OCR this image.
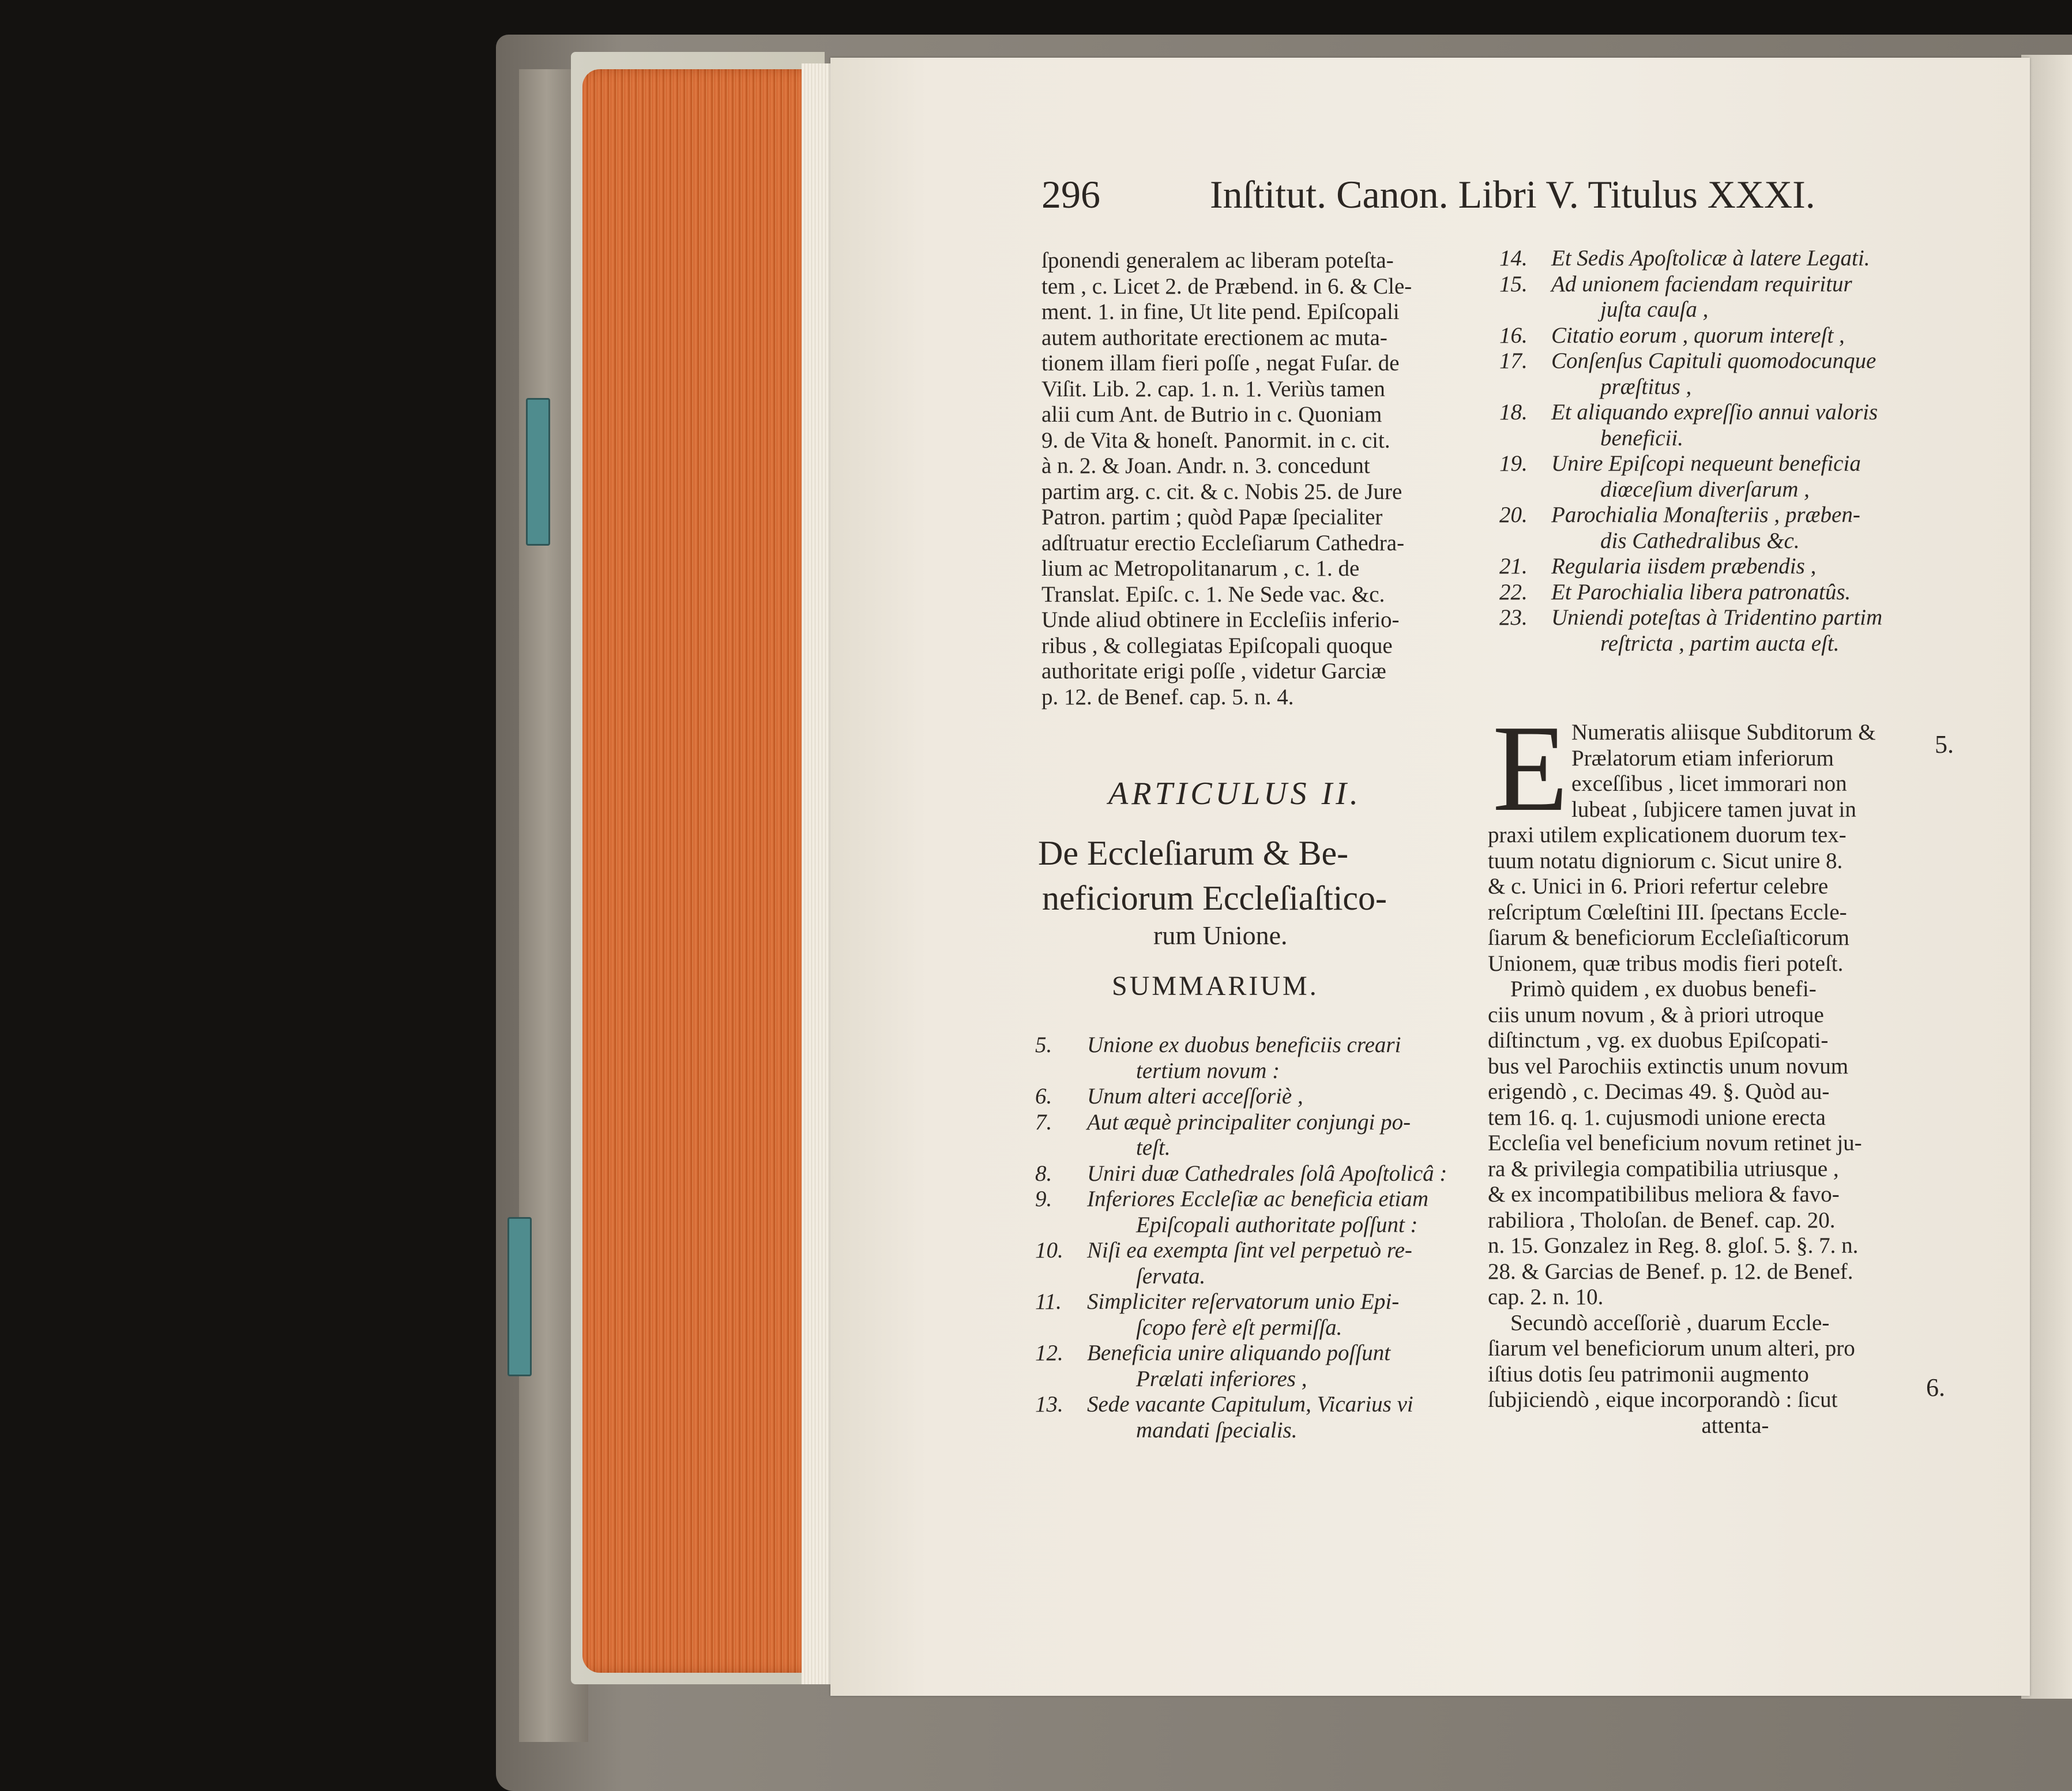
296	Inſtitut. Canon. Libri V. Titulus XXXI.
ſponendi generalem ac liberam poteſta-
tem , c. Licet 2. de Præbend. in 6. & Cle-
ment. 1. in fine, Ut lite pend. Epiſcopali
autem authoritate erectionem ac muta-
tionem illam fieri poſſe , negat Fuſar. de
Viſit. Lib. 2. cap. 1. n. 1. Veriùs tamen
alii cum Ant. de Butrio in c. Quoniam
9. de Vita & honeſt. Panormit. in c. cit.
à n. 2. & Joan. Andr. n. 3. concedunt
partim arg. c. cit. & c. Nobis 25. de Jure
Patron. partim ; quòd Papæ ſpecialiter
adſtruatur erectio Eccleſiarum Cathedra-
lium ac Metropolitanarum , c. 1. de
Translat. Epiſc. c. 1. Ne Sede vac. &c.
Unde aliud obtinere in Eccleſiis inferio-
ribus , & collegiatas Epiſcopali quoque
authoritate erigi poſſe , videtur Garciæ
p. 12. de Benef. cap. 5. n. 4.
ARTICULUS II.
De Eccleſiarum & Be-
neficiorum Eccleſiaſtico-
rum Unione.
SUMMARIUM.
5. Unione ex duobus beneficiis creari
tertium novum :
6. Unum alteri acceſſoriè ,
7. Aut æquè principaliter conjungi po-
teſt.
8. Uniri duæ Cathedrales ſolâ Apoſtolicâ :
9. Inferiores Eccleſiæ ac beneficia etiam
Epiſcopali authoritate poſſunt :
10. Niſi ea exempta ſint vel perpetuò re-
ſervata.
11. Simpliciter reſervatorum unio Epi-
ſcopo ferè eſt permiſſa.
12. Beneficia unire aliquando poſſunt
Prælati inferiores ,
13. Sede vacante Capitulum, Vicarius vi
mandati ſpecialis.
14. Et Sedis Apoſtolicæ à latere Legati.
15. Ad unionem faciendam requiritur
juſta cauſa ,
16. Citatio eorum , quorum intereſt ,
17. Conſenſus Capituli quomodocunque
præſtitus ,
18. Et aliquando expreſſio annui valoris
beneficii.
19. Unire Epiſcopi nequeunt beneficia
diœceſium diverſarum ,
20. Parochialia Monaſteriis , præben-
dis Cathedralibus &c.
21. Regularia iisdem præbendis ,
22. Et Parochialia libera patronatûs.
23. Uniendi poteſtas à Tridentino partim
reſtricta , partim aucta eſt.
E Numeratis aliisque Subditorum &
Prælatorum etiam inferiorum
exceſſibus , licet immorari non
lubeat , ſubjicere tamen juvat in
praxi utilem explicationem duorum tex-
tuum notatu digniorum c. Sicut unire 8.
& c. Unici in 6. Priori refertur celebre
reſcriptum Cœleſtini III. ſpectans Eccle-
ſiarum & beneficiorum Eccleſiaſticorum
Unionem, quæ tribus modis fieri poteſt.
Primò quidem , ex duobus benefi-
ciis unum novum , & à priori utroque
diſtinctum , vg. ex duobus Epiſcopati-
bus vel Parochiis extinctis unum novum
erigendò , c. Decimas 49. §. Quòd au-
tem 16. q. 1. cujusmodi unione erecta
Eccleſia vel beneficium novum retinet ju-
ra & privilegia compatibilia utriusque ,
& ex incompatibilibus meliora & favo-
rabiliora , Tholoſan. de Benef. cap. 20.
n. 15. Gonzalez in Reg. 8. gloſ. 5. §. 7. n.
28. & Garcias de Benef. p. 12. de Benef.
cap. 2. n. 10.
Secundò acceſſoriè , duarum Eccle-
ſiarum vel beneficiorum unum alteri, pro
iſtius dotis ſeu patrimonii augmento
ſubjiciendò , eique incorporandò : ſicut
attenta-
5.
6.
